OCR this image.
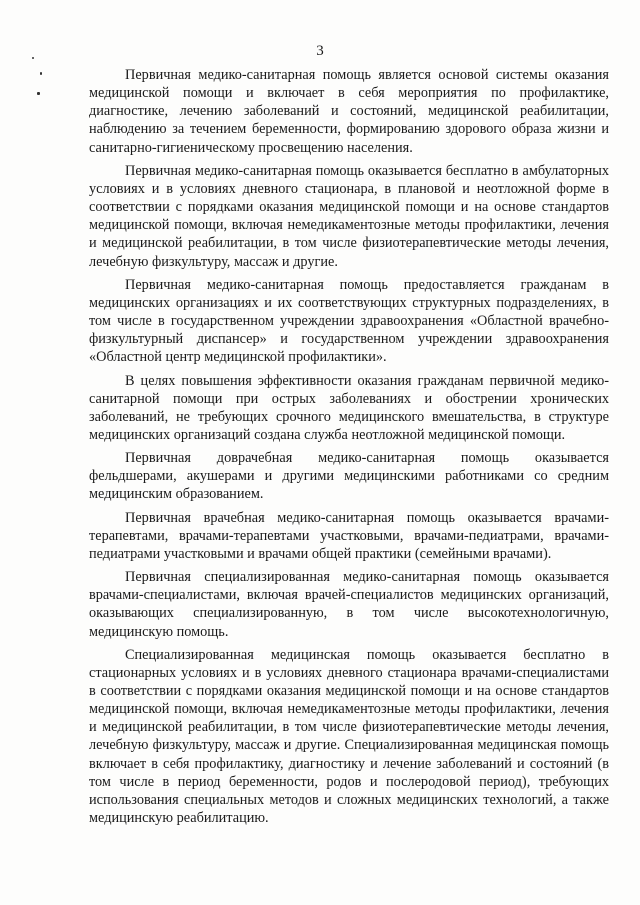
3

Первичная медико-санитарная помощь является основой системы оказания медицинской помощи и включает в себя мероприятия по профилактике, диагностике, лечению заболеваний и состояний, медицинской реабилитации, наблюдению за течением беременности, формированию здорового образа жизни и санитарно-гигиеническому просвещению населения.

Первичная медико-санитарная помощь оказывается бесплатно в амбулаторных условиях и в условиях дневного стационара, в плановой и неотложной форме в соответствии с порядками оказания медицинской помощи и на основе стандартов медицинской помощи, включая немедикаментозные методы профилактики, лечения и медицинской реабилитации, в том числе физиотерапевтические методы лечения, лечебную физкультуру, массаж и другие.

Первичная медико-санитарная помощь предоставляется гражданам в медицинских организациях и их соответствующих структурных подразделениях, в том числе в государственном учреждении здравоохранения «Областной врачебно-физкультурный диспансер» и государственном учреждении здравоохранения «Областной центр медицинской профилактики».

В целях повышения эффективности оказания гражданам первичной медико-санитарной помощи при острых заболеваниях и обострении хронических заболеваний, не требующих срочного медицинского вмешательства, в структуре медицинских организаций создана служба неотложной медицинской помощи.

Первичная доврачебная медико-санитарная помощь оказывается фельдшерами, акушерами и другими медицинскими работниками со средним медицинским образованием.

Первичная врачебная медико-санитарная помощь оказывается врачами-терапевтами, врачами-терапевтами участковыми, врачами-педиатрами, врачами-педиатрами участковыми и врачами общей практики (семейными врачами).

Первичная специализированная медико-санитарная помощь оказывается врачами-специалистами, включая врачей-специалистов медицинских организаций, оказывающих специализированную, в том числе высокотехнологичную, медицинскую помощь.

Специализированная медицинская помощь оказывается бесплатно в стационарных условиях и в условиях дневного стационара врачами-специалистами в соответствии с порядками оказания медицинской помощи и на основе стандартов медицинской помощи, включая немедикаментозные методы профилактики, лечения и медицинской реабилитации, в том числе физиотерапевтические методы лечения, лечебную физкультуру, массаж и другие. Специализированная медицинская помощь включает в себя профилактику, диагностику и лечение заболеваний и состояний (в том числе в период беременности, родов и послеродовой период), требующих использования специальных методов и сложных медицинских технологий, а также медицинскую реабилитацию.
